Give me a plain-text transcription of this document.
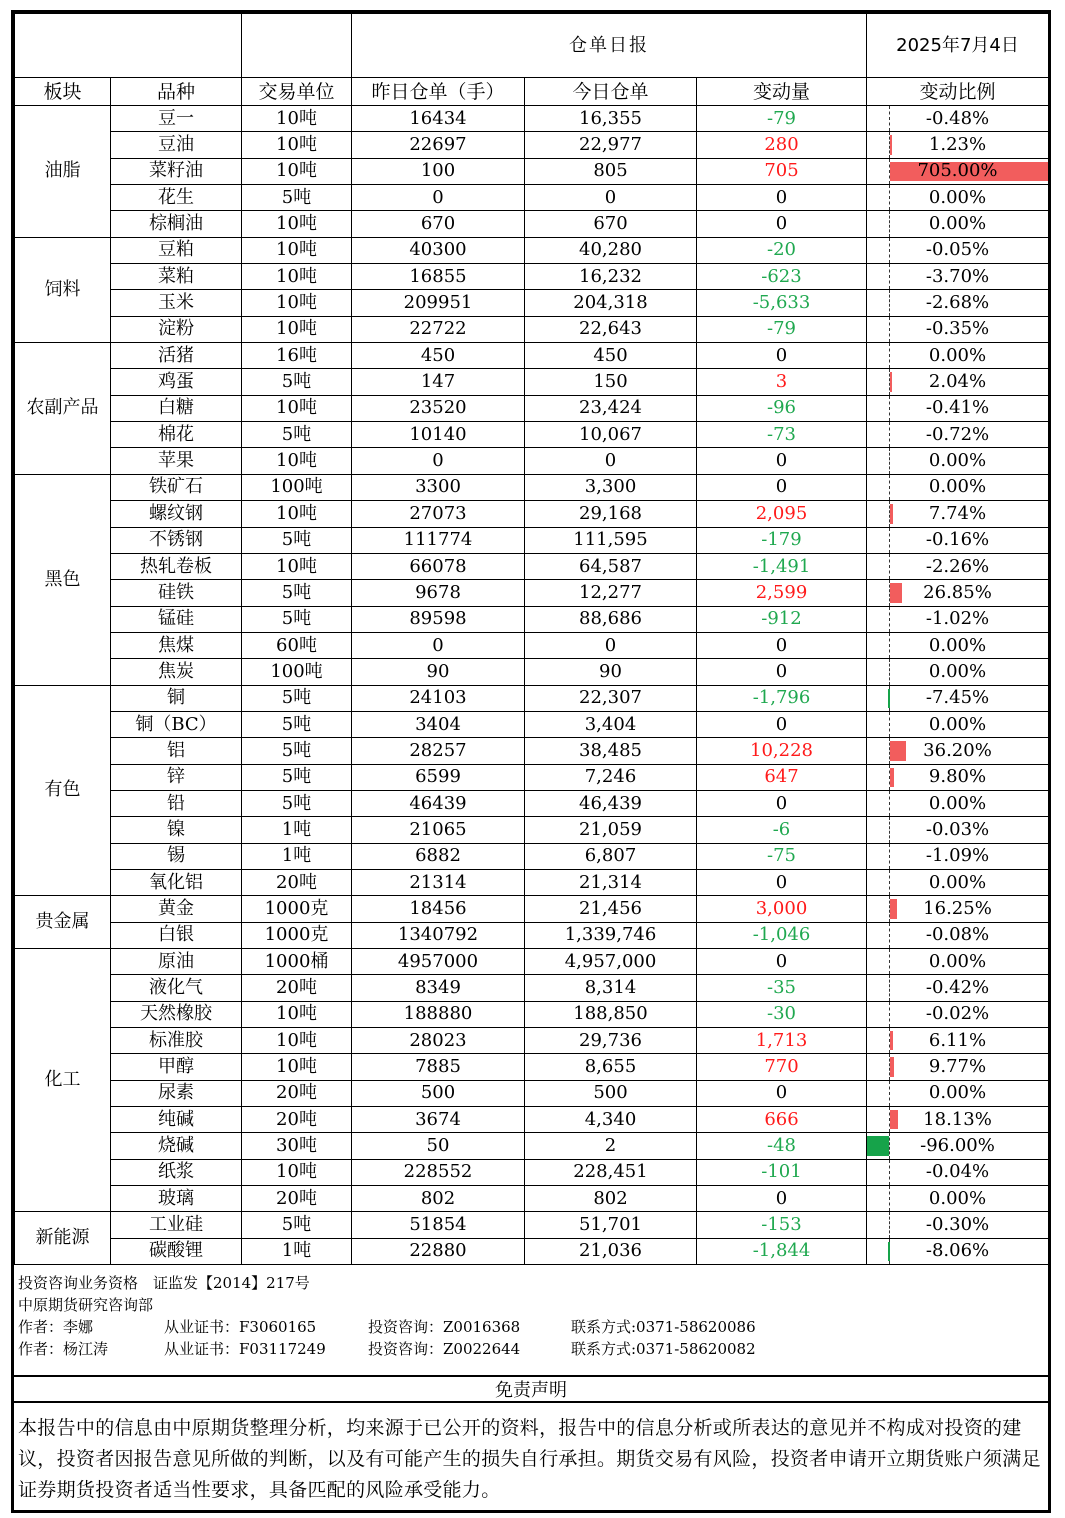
			仓单日报			2025年7月4日
板块	品种	交易单位	昨日仓单（手）	今日仓单	变动量	变动比例
油脂	豆一	10吨	16434	16,355	-79	-0.48%
	豆油	10吨	22697	22,977	280	1.23%
	菜籽油	10吨	100	805	705	705.00%
	花生	5吨	0	0	0	0.00%
	棕榈油	10吨	670	670	0	0.00%
饲料	豆粕	10吨	40300	40,280	-20	-0.05%
	菜粕	10吨	16855	16,232	-623	-3.70%
	玉米	10吨	209951	204,318	-5,633	-2.68%
	淀粉	10吨	22722	22,643	-79	-0.35%
农副产品	活猪	16吨	450	450	0	0.00%
	鸡蛋	5吨	147	150	3	2.04%
	白糖	10吨	23520	23,424	-96	-0.41%
	棉花	5吨	10140	10,067	-73	-0.72%
	苹果	10吨	0	0	0	0.00%
黑色	铁矿石	100吨	3300	3,300	0	0.00%
	螺纹钢	10吨	27073	29,168	2,095	7.74%
	不锈钢	5吨	111774	111,595	-179	-0.16%
	热轧卷板	10吨	66078	64,587	-1,491	-2.26%
	硅铁	5吨	9678	12,277	2,599	26.85%
	锰硅	5吨	89598	88,686	-912	-1.02%
	焦煤	60吨	0	0	0	0.00%
	焦炭	100吨	90	90	0	0.00%
有色	铜	5吨	24103	22,307	-1,796	-7.45%
	铜（BC）	5吨	3404	3,404	0	0.00%
	铝	5吨	28257	38,485	10,228	36.20%
	锌	5吨	6599	7,246	647	9.80%
	铅	5吨	46439	46,439	0	0.00%
	镍	1吨	21065	21,059	-6	-0.03%
	锡	1吨	6882	6,807	-75	-1.09%
	氧化铝	20吨	21314	21,314	0	0.00%
贵金属	黄金	1000克	18456	21,456	3,000	16.25%
	白银	1000克	1340792	1,339,746	-1,046	-0.08%
化工	原油	1000桶	4957000	4,957,000	0	0.00%
	液化气	20吨	8349	8,314	-35	-0.42%
	天然橡胶	10吨	188880	188,850	-30	-0.02%
	标准胶	10吨	28023	29,736	1,713	6.11%
	甲醇	10吨	7885	8,655	770	9.77%
	尿素	20吨	500	500	0	0.00%
	纯碱	20吨	3674	4,340	666	18.13%
	烧碱	30吨	50	2	-48	-96.00%
	纸浆	10吨	228552	228,451	-101	-0.04%
	玻璃	20吨	802	802	0	0.00%
新能源	工业硅	5吨	51854	51,701	-153	-0.30%
	碳酸锂	1吨	22880	21,036	-1,844	-8.06%
投资咨询业务资格　证监发【2014】217号
中原期货研究咨询部
作者：李娜	从业证书：F3060165	投资咨询：Z0016368	联系方式:0371-58620086
作者：杨江涛	从业证书：F03117249	投资咨询：Z0022644	联系方式:0371-58620082
免责声明
本报告中的信息由中原期货整理分析，均来源于已公开的资料，报告中的信息分析或所表达的意见并不构成对投资的建议，投资者因报告意见所做的判断，以及有可能产生的损失自行承担。期货交易有风险，投资者申请开立期货账户须满足证券期货投资者适当性要求，具备匹配的风险承受能力。
